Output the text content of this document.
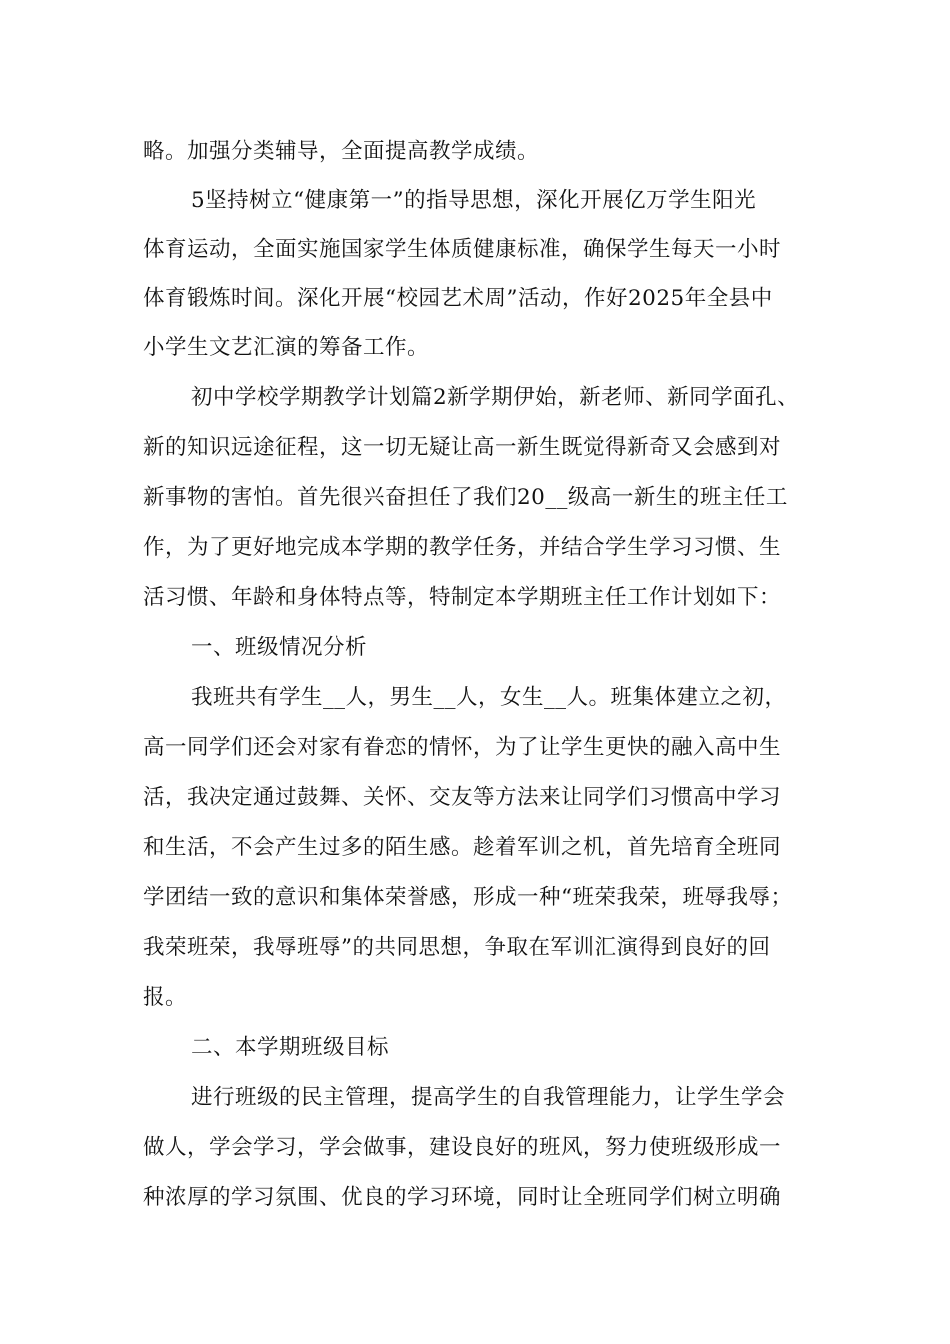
略。加强分类辅导，全面提高教学成绩。
5坚持树立“健康第一”的指导思想，深化开展亿万学生阳光
体育运动，全面实施国家学生体质健康标准，确保学生每天一小时
体育锻炼时间。深化开展“校园艺术周”活动，作好2025年全县中
小学生文艺汇演的筹备工作。
初中学校学期教学计划篇2新学期伊始，新老师、新同学面孔、
新的知识远途征程，这一切无疑让高一新生既觉得新奇又会感到对
新事物的害怕。首先很兴奋担任了我们20__级高一新生的班主任工
作，为了更好地完成本学期的教学任务，并结合学生学习习惯、生
活习惯、年龄和身体特点等，特制定本学期班主任工作计划如下：
一、班级情况分析
我班共有学生__人，男生__人，女生__人。班集体建立之初，
高一同学们还会对家有眷恋的情怀，为了让学生更快的融入高中生
活，我决定通过鼓舞、关怀、交友等方法来让同学们习惯高中学习
和生活，不会产生过多的陌生感。趁着军训之机，首先培育全班同
学团结一致的意识和集体荣誉感，形成一种“班荣我荣，班辱我辱；
我荣班荣，我辱班辱”的共同思想，争取在军训汇演得到良好的回
报。
二、本学期班级目标
进行班级的民主管理，提高学生的自我管理能力，让学生学会
做人，学会学习，学会做事，建设良好的班风，努力使班级形成一
种浓厚的学习氛围、优良的学习环境，同时让全班同学们树立明确
